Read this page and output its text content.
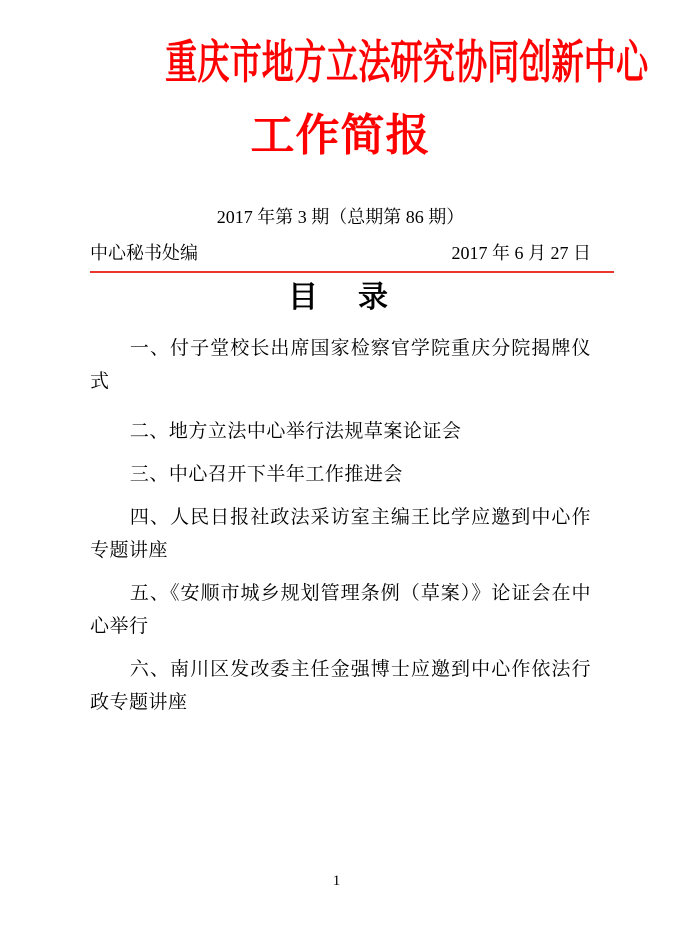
重庆市地方立法研究协同创新中心
工作简报
2017 年第 3 期（总期第 86 期）
中心秘书处编	2017 年 6 月 27 日
目　录

一、付子堂校长出席国家检察官学院重庆分院揭牌仪式

二、地方立法中心举行法规草案论证会

三、中心召开下半年工作推进会

四、人民日报社政法采访室主编王比学应邀到中心作专题讲座

五、《安顺市城乡规划管理条例（草案）》论证会在中心举行

六、南川区发改委主任金强博士应邀到中心作依法行政专题讲座

1
